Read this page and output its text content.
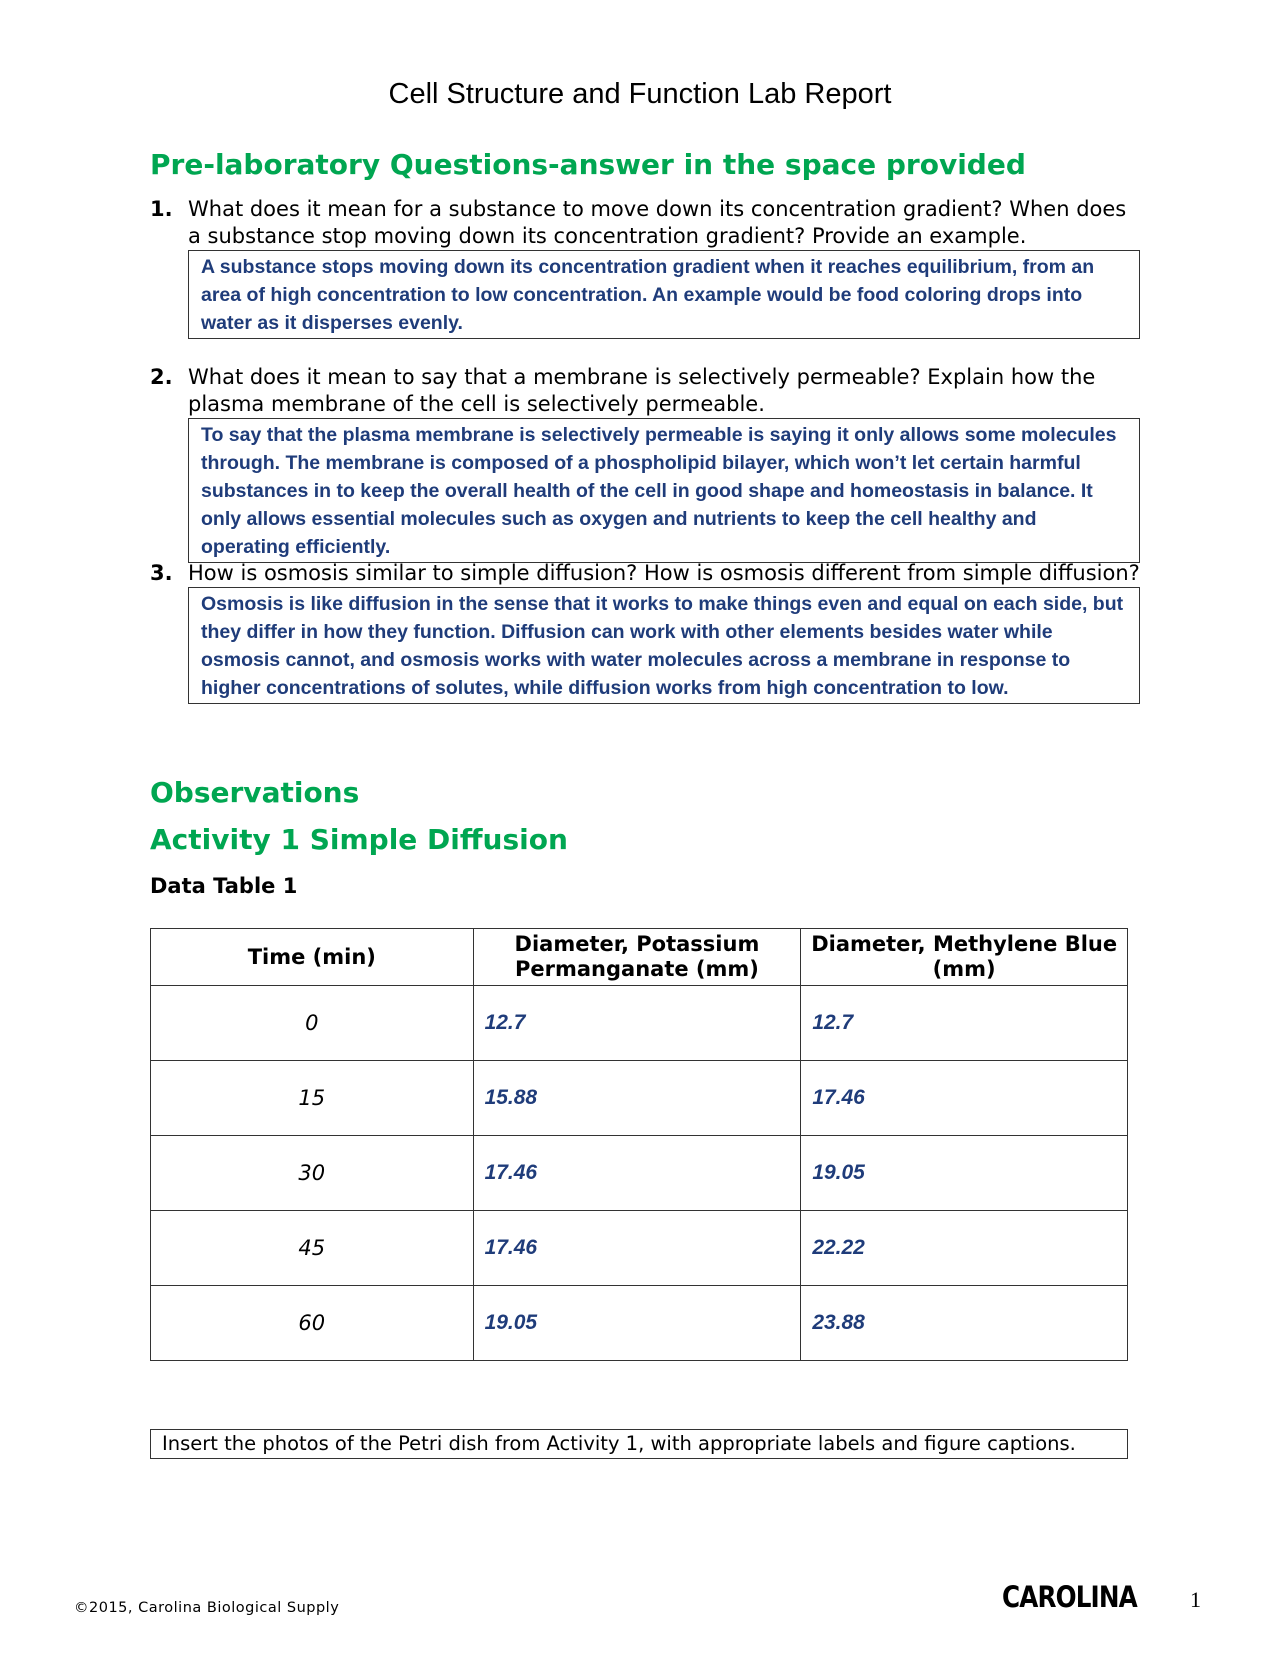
Cell Structure and Function Lab Report
Pre-laboratory Questions-answer in the space provided
1. What does it mean for a substance to move down its concentration gradient? When does a substance stop moving down its concentration gradient? Provide an example.
A substance stops moving down its concentration gradient when it reaches equilibrium, from an area of high concentration to low concentration. An example would be food coloring drops into water as it disperses evenly.
2. What does it mean to say that a membrane is selectively permeable? Explain how the plasma membrane of the cell is selectively permeable.
To say that the plasma membrane is selectively permeable is saying it only allows some molecules through. The membrane is composed of a phospholipid bilayer, which won’t let certain harmful substances in to keep the overall health of the cell in good shape and homeostasis in balance. It only allows essential molecules such as oxygen and nutrients to keep the cell healthy and operating efficiently.
3. How is osmosis similar to simple diffusion? How is osmosis different from simple diffusion?
Osmosis is like diffusion in the sense that it works to make things even and equal on each side, but they differ in how they function. Diffusion can work with other elements besides water while osmosis cannot, and osmosis works with water molecules across a membrane in response to higher concentrations of solutes, while diffusion works from high concentration to low.
Observations
Activity 1 Simple Diffusion

Data Table 1

Time (min)	Diameter, Potassium Permanganate (mm)	Diameter, Methylene Blue (mm)
0	12.7	12.7
15	15.88	17.46
30	17.46	19.05
45	17.46	22.22
60	19.05	23.88
Insert the photos of the Petri dish from Activity 1, with appropriate labels and figure captions.
©2015, Carolina Biological Supply	CAROLINA 1
